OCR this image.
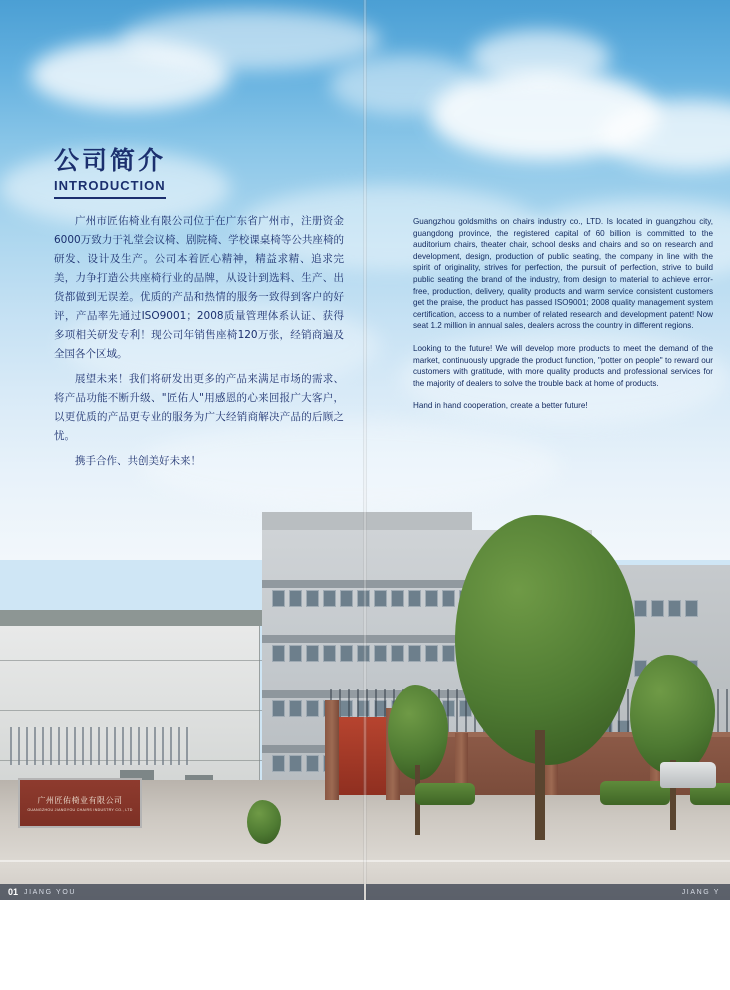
公司简介
INTRODUCTION

广州市匠佑椅业有限公司位于在广东省广州市，注册资金6000万致力于礼堂会议椅、剧院椅、学校课桌椅等公共座椅的研发、设计及生产。公司本着匠心精神，精益求精、追求完美，力争打造公共座椅行业的品牌，从设计到选料、生产、出货都做到无误差。优质的产品和热情的服务一致得到客户的好评，产品率先通过ISO9001；2008质量管理体系认证、获得多项相关研发专利！现公司年销售座椅120万张，经销商遍及全国各个区域。

展望未来！我们将研发出更多的产品来满足市场的需求、将产品功能不断升级、"匠佑人"用感恩的心来回报广大客户，以更优质的产品更专业的服务为广大经销商解决产品的后顾之忧。

携手合作、共创美好未来！

Guangzhou goldsmiths on chairs industry co., LTD. Is located in guangzhou city, guangdong province, the registered capital of 60 billion is committed to the auditorium chairs, theater chair, school desks and chairs and so on research and development, design, production of public seating, the company in line with the spirit of originality, strives for perfection, the pursuit of perfection, strive to build public seating the brand of the industry, from design to material to achieve error-free, production, delivery, quality products and warm service consistent customers get the praise, the product has passed ISO9001; 2008 quality management system certification, access to a number of related research and development patent! Now seat 1.2 million in annual sales, dealers across the country in different regions.

Looking to the future! We will develop more products to meet the demand of the market, continuously upgrade the product function, "potter on people" to reward our customers with gratitude, with more quality products and professional services for the majority of dealers to solve the trouble back at home of products.

Hand in hand cooperation, create a better future!

广州匠佑椅业有限公司
GUANGZHOU JIANGYOU CHAIRS INDUSTRY CO., LTD
01 JIANG YOU	JIANG Y
